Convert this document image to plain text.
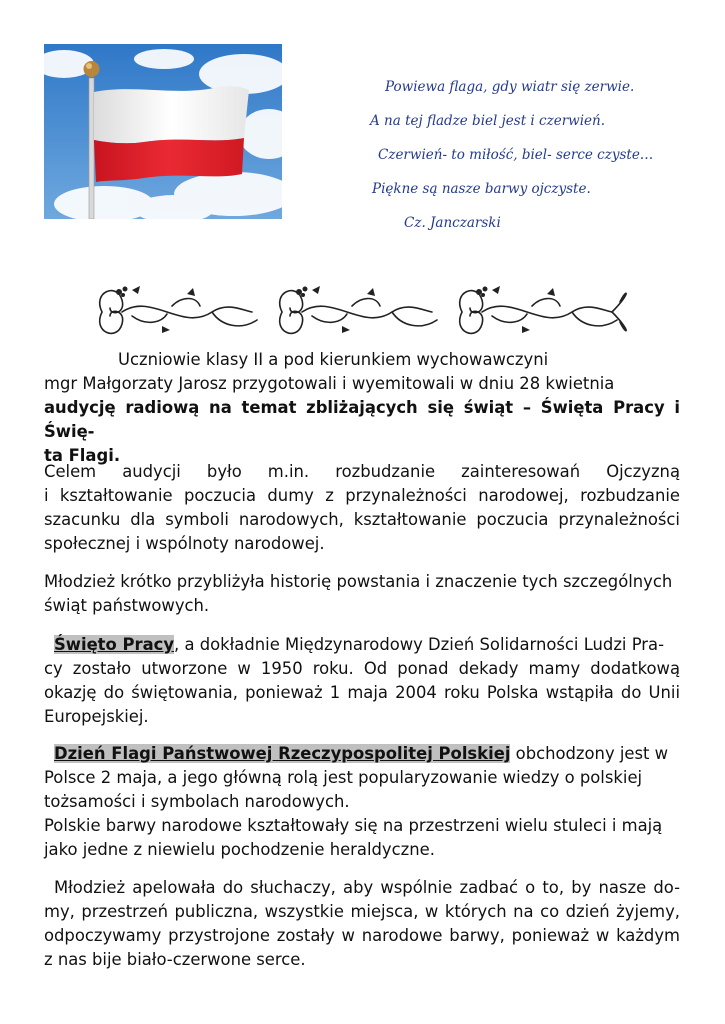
Powiewa flaga, gdy wiatr się zerwie.
A na tej fladze biel jest i czerwień.
Czerwień- to miłość, biel- serce czyste…
Piękne są nasze barwy ojczyste.
Cz. Janczarski
Uczniowie klasy II a pod kierunkiem wychowawczyni
mgr Małgorzaty Jarosz przygotowali i wyemitowali w dniu 28 kwietnia
audycję radiową na temat zbliżających się świąt – Święta Pracy i Świę-
ta Flagi.
Celem audycji było m.in. rozbudzanie zainteresowań Ojczyzną
i kształtowanie poczucia dumy z przynależności narodowej, rozbudzanie
szacunku dla symboli narodowych, kształtowanie poczucia przynależności
społecznej i wspólnoty narodowej.
Młodzież krótko przybliżyła historię powstania i znaczenie tych szczególnych
świąt państwowych.
Święto Pracy, a dokładnie Międzynarodowy Dzień Solidarności Ludzi Pra-
cy zostało utworzone w 1950 roku. Od ponad dekady mamy dodatkową
okazję do świętowania, ponieważ 1 maja 2004 roku Polska wstąpiła do Unii
Europejskiej.
Dzień Flagi Państwowej Rzeczypospolitej Polskiej obchodzony jest w
Polsce 2 maja, a jego główną rolą jest popularyzowanie wiedzy o polskiej
tożsamości i symbolach narodowych.
Polskie barwy narodowe kształtowały się na przestrzeni wielu stuleci i mają
jako jedne z niewielu pochodzenie heraldyczne.
Młodzież apelowała do słuchaczy, aby wspólnie zadbać o to, by nasze do-
my, przestrzeń publiczna, wszystkie miejsca, w których na co dzień żyjemy,
odpoczywamy przystrojone zostały w narodowe barwy, ponieważ w każdym
z nas bije biało-czerwone serce.
